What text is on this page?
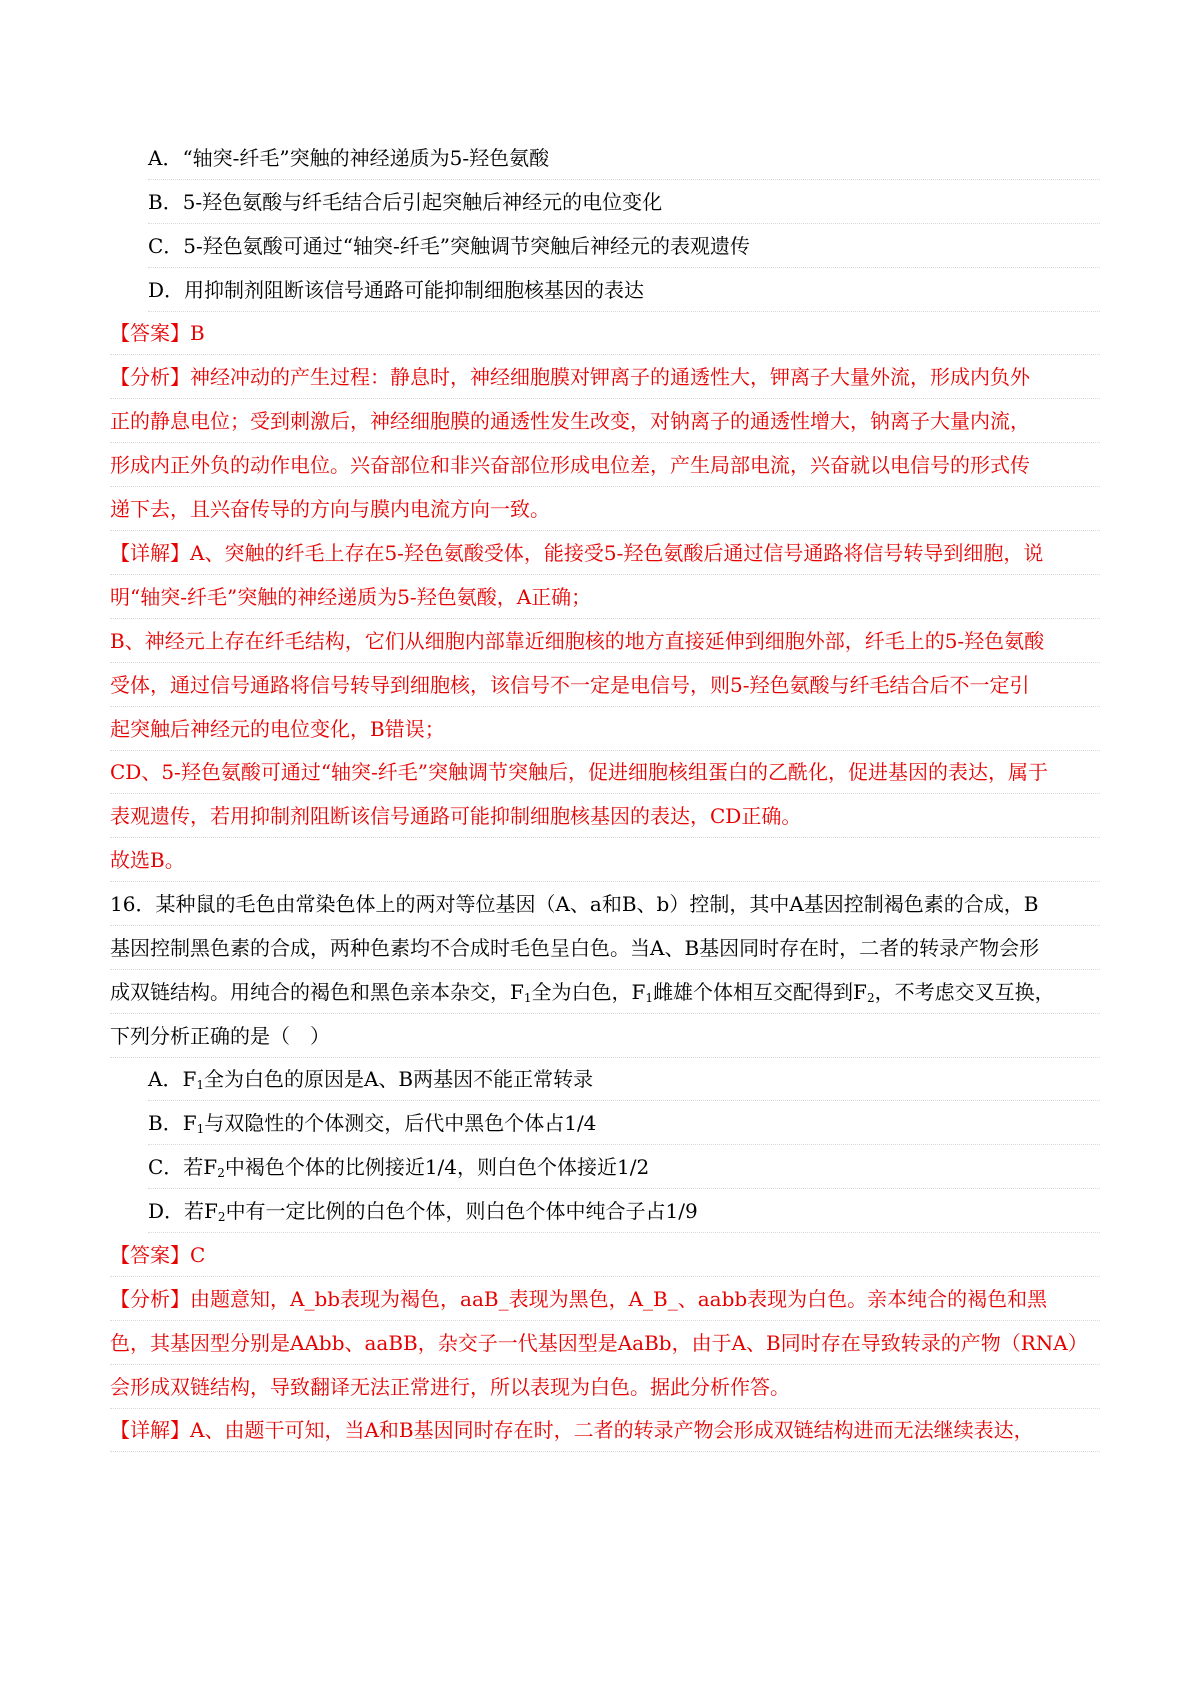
A．“轴突-纤毛”突触的神经递质为5-羟色氨酸
B．5-羟色氨酸与纤毛结合后引起突触后神经元的电位变化
C．5-羟色氨酸可通过“轴突-纤毛”突触调节突触后神经元的表观遗传
D．用抑制剂阻断该信号通路可能抑制细胞核基因的表达
【答案】B
【分析】神经冲动的产生过程：静息时，神经细胞膜对钾离子的通透性大，钾离子大量外流，形成内负外
正的静息电位；受到刺激后，神经细胞膜的通透性发生改变，对钠离子的通透性增大，钠离子大量内流，
形成内正外负的动作电位。兴奋部位和非兴奋部位形成电位差，产生局部电流，兴奋就以电信号的形式传
递下去，且兴奋传导的方向与膜内电流方向一致。
【详解】A、突触的纤毛上存在5-羟色氨酸受体，能接受5-羟色氨酸后通过信号通路将信号转导到细胞，说
明“轴突-纤毛”突触的神经递质为5-羟色氨酸，A正确；
B、神经元上存在纤毛结构，它们从细胞内部靠近细胞核的地方直接延伸到细胞外部，纤毛上的5-羟色氨酸
受体，通过信号通路将信号转导到细胞核，该信号不一定是电信号，则5-羟色氨酸与纤毛结合后不一定引
起突触后神经元的电位变化，B错误；
CD、5-羟色氨酸可通过“轴突-纤毛”突触调节突触后，促进细胞核组蛋白的乙酰化，促进基因的表达，属于
表观遗传，若用抑制剂阻断该信号通路可能抑制细胞核基因的表达，CD正确。
故选B。
16．某种鼠的毛色由常染色体上的两对等位基因（A、a和B、b）控制，其中A基因控制褐色素的合成，B
基因控制黑色素的合成，两种色素均不合成时毛色呈白色。当A、B基因同时存在时，二者的转录产物会形
成双链结构。用纯合的褐色和黑色亲本杂交，$F_1$全为白色，$F_1$雌雄个体相互交配得到$F_2$，不考虑交叉互换，
下列分析正确的是（　）
A．$F_1$全为白色的原因是A、B两基因不能正常转录
B．$F_1$与双隐性的个体测交，后代中黑色个体占1/4
C．若$F_2$中褐色个体的比例接近1/4，则白色个体接近1/2
D．若$F_2$中有一定比例的白色个体，则白色个体中纯合子占1/9
【答案】C
【分析】由题意知，A_bb表现为褐色，aaB_表现为黑色，A_B_、aabb表现为白色。亲本纯合的褐色和黑
色，其基因型分别是AAbb、aaBB，杂交子一代基因型是AaBb，由于A、B同时存在导致转录的产物（RNA）
会形成双链结构，导致翻译无法正常进行，所以表现为白色。据此分析作答。
【详解】A、由题干可知，当A和B基因同时存在时，二者的转录产物会形成双链结构进而无法继续表达，
